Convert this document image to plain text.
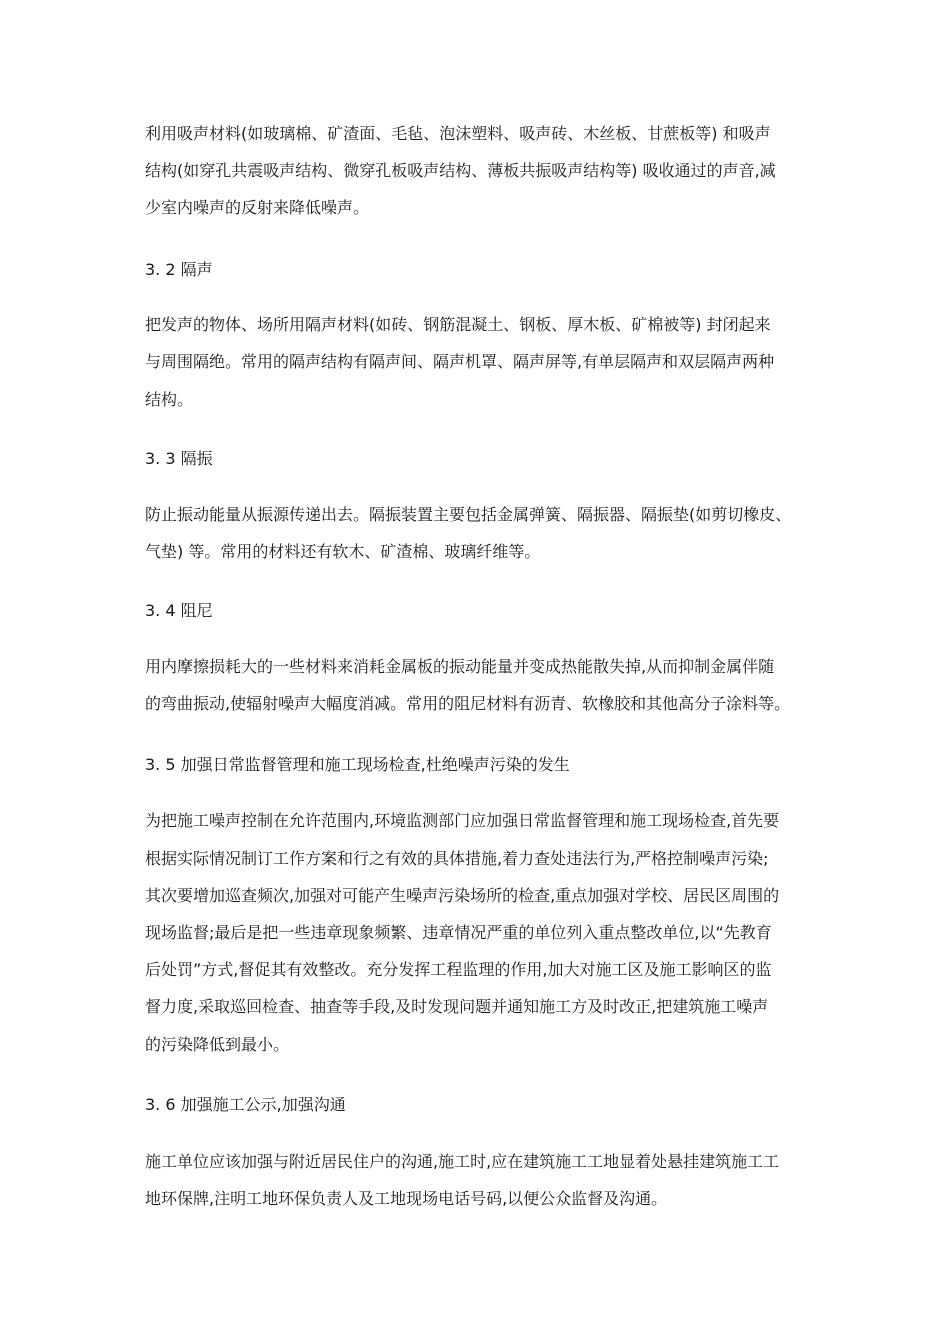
利用吸声材料(如玻璃棉、矿渣面、毛毡、泡沫塑料、吸声砖、木丝板、甘蔗板等) 和吸声
结构(如穿孔共震吸声结构、微穿孔板吸声结构、薄板共振吸声结构等) 吸收通过的声音,减
少室内噪声的反射来降低噪声。
3. 2 隔声
把发声的物体、场所用隔声材料(如砖、钢筋混凝土、钢板、厚木板、矿棉被等) 封闭起来
与周围隔绝。常用的隔声结构有隔声间、隔声机罩、隔声屏等,有单层隔声和双层隔声两种
结构。
3. 3 隔振
防止振动能量从振源传递出去。隔振装置主要包括金属弹簧、隔振器、隔振垫(如剪切橡皮、
气垫) 等。常用的材料还有软木、矿渣棉、玻璃纤维等。
3. 4 阻尼
用内摩擦损耗大的一些材料来消耗金属板的振动能量并变成热能散失掉,从而抑制金属伴随
的弯曲振动,使辐射噪声大幅度消减。常用的阻尼材料有沥青、软橡胶和其他高分子涂料等。
3. 5 加强日常监督管理和施工现场检查,杜绝噪声污染的发生
为把施工噪声控制在允许范围内,环境监测部门应加强日常监督管理和施工现场检查,首先要
根据实际情况制订工作方案和行之有效的具体措施,着力查处违法行为,严格控制噪声污染;
其次要增加巡查频次,加强对可能产生噪声污染场所的检查,重点加强对学校、居民区周围的
现场监督;最后是把一些违章现象频繁、违章情况严重的单位列入重点整改单位,以“先教育
后处罚”方式,督促其有效整改。充分发挥工程监理的作用,加大对施工区及施工影响区的监
督力度,采取巡回检查、抽查等手段,及时发现问题并通知施工方及时改正,把建筑施工噪声
的污染降低到最小。
3. 6 加强施工公示,加强沟通
施工单位应该加强与附近居民住户的沟通,施工时,应在建筑施工工地显着处悬挂建筑施工工
地环保牌,注明工地环保负责人及工地现场电话号码,以便公众监督及沟通。
